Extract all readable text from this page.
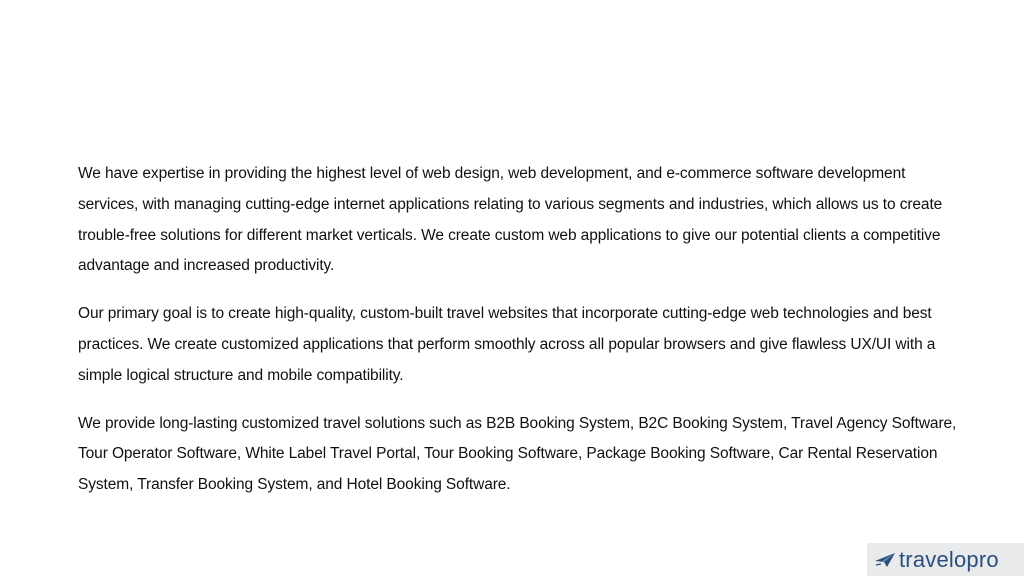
We have expertise in providing the highest level of web design, web development, and e-commerce software development services, with managing cutting-edge internet applications relating to various segments and industries, which allows us to create trouble-free solutions for different market verticals. We create custom web applications to give our potential clients a competitive advantage and increased productivity.

Our primary goal is to create high-quality, custom-built travel websites that incorporate cutting-edge web technologies and best practices. We create customized applications that perform smoothly across all popular browsers and give flawless UX/UI with a simple logical structure and mobile compatibility.

We provide long-lasting customized travel solutions such as B2B Booking System, B2C Booking System, Travel Agency Software, Tour Operator Software, White Label Travel Portal, Tour Booking Software, Package Booking Software, Car Rental Reservation System, Transfer Booking System, and Hotel Booking Software.

travelopro
